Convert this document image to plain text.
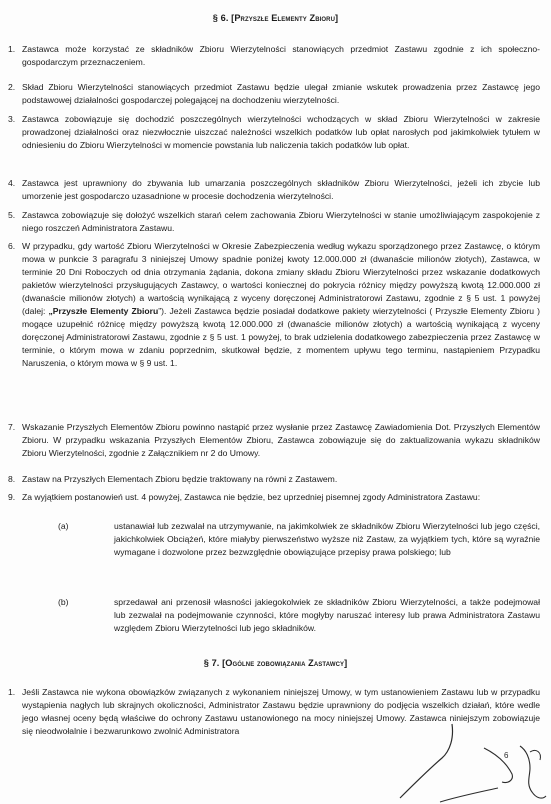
§ 6. [Przyszłe Elementy Zbioru]
1. Zastawca może korzystać ze składników Zbioru Wierzytelności stanowiących przedmiot Zastawu zgodnie z ich społeczno-gospodarczym przeznaczeniem.
2. Skład Zbioru Wierzytelności stanowiących przedmiot Zastawu będzie ulegał zmianie wskutek prowadzenia przez Zastawcę jego podstawowej działalności gospodarczej polegającej na dochodzeniu wierzytelności.
3. Zastawca zobowiązuje się dochodzić poszczególnych wierzytelności wchodzących w skład Zbioru Wierzytelności w zakresie prowadzonej działalności oraz niezwłocznie uiszczać należności wszelkich podatków lub opłat narosłych pod jakimkolwiek tytułem w odniesieniu do Zbioru Wierzytelności w momencie powstania lub naliczenia takich podatków lub opłat.
4. Zastawca jest uprawniony do zbywania lub umarzania poszczególnych składników Zbioru Wierzytelności, jeżeli ich zbycie lub umorzenie jest gospodarczo uzasadnione w procesie dochodzenia wierzytelności.
5. Zastawca zobowiązuje się dołożyć wszelkich starań celem zachowania Zbioru Wierzytelności w stanie umożliwiającym zaspokojenie z niego roszczeń Administratora Zastawu.
6. W przypadku, gdy wartość Zbioru Wierzytelności w Okresie Zabezpieczenia według wykazu sporządzonego przez Zastawcę, o którym mowa w punkcie 3 paragrafu 3 niniejszej Umowy spadnie poniżej kwoty 12.000.000 zł (dwanaście milionów złotych), Zastawca, w terminie 20 Dni Roboczych od dnia otrzymania żądania, dokona zmiany składu Zbioru Wierzytelności przez wskazanie dodatkowych pakietów wierzytelności przysługujących Zastawcy, o wartości koniecznej do pokrycia różnicy między powyższą kwotą 12.000.000 zł (dwanaście milionów złotych) a wartością wynikającą z wyceny doręczonej Administratorowi Zastawu, zgodnie z § 5 ust. 1 powyżej (dalej: „Przyszłe Elementy Zbioru”). Jeżeli Zastawca będzie posiadał dodatkowe pakiety wierzytelności ( Przyszłe Elementy Zbioru ) mogące uzupełnić różnicę między powyższą kwotą 12.000.000 zł (dwanaście milionów złotych) a wartością wynikającą z wyceny doręczonej Administratorowi Zastawu, zgodnie z § 5 ust. 1 powyżej, to brak udzielenia dodatkowego zabezpieczenia przez Zastawcę w terminie, o którym mowa w zdaniu poprzednim, skutkował będzie, z momentem upływu tego terminu, nastąpieniem Przypadku Naruszenia, o którym mowa w § 9 ust. 1.
7. Wskazanie Przyszłych Elementów Zbioru powinno nastąpić przez wysłanie przez Zastawcę Zawiadomienia Dot. Przyszłych Elementów Zbioru. W przypadku wskazania Przyszłych Elementów Zbioru, Zastawca zobowiązuje się do zaktualizowania wykazu składników Zbioru Wierzytelności, zgodnie z Załącznikiem nr 2 do Umowy.
8. Zastaw na Przyszłych Elementach Zbioru będzie traktowany na równi z Zastawem.
9. Za wyjątkiem postanowień ust. 4 powyżej, Zastawca nie będzie, bez uprzedniej pisemnej zgody Administratora Zastawu:
(a)	ustanawiał lub zezwalał na utrzymywanie, na jakimkolwiek ze składników Zbioru Wierzytelności lub jego części, jakichkolwiek Obciążeń, które miałyby pierwszeństwo wyższe niż Zastaw, za wyjątkiem tych, które są wyraźnie wymagane i dozwolone przez bezwzględnie obowiązujące przepisy prawa polskiego; lub
(b)	sprzedawał ani przenosił własności jakiegokolwiek ze składników Zbioru Wierzytelności, a także podejmował lub zezwalał na podejmowanie czynności, które mogłyby naruszać interesy lub prawa Administratora Zastawu względem Zbioru Wierzytelności lub jego składników.
§ 7. [Ogólne zobowiązania Zastawcy]
1. Jeśli Zastawca nie wykona obowiązków związanych z wykonaniem niniejszej Umowy, w tym ustanowieniem Zastawu lub w przypadku wystąpienia nagłych lub skrajnych okoliczności, Administrator Zastawu będzie uprawniony do podjęcia wszelkich działań, które wedle jego własnej oceny będą właściwe do ochrony Zastawu ustanowionego na mocy niniejszej Umowy. Zastawca niniejszym zobowiązuje się nieodwołalnie i bezwarunkowo zwolnić Administratora
6
